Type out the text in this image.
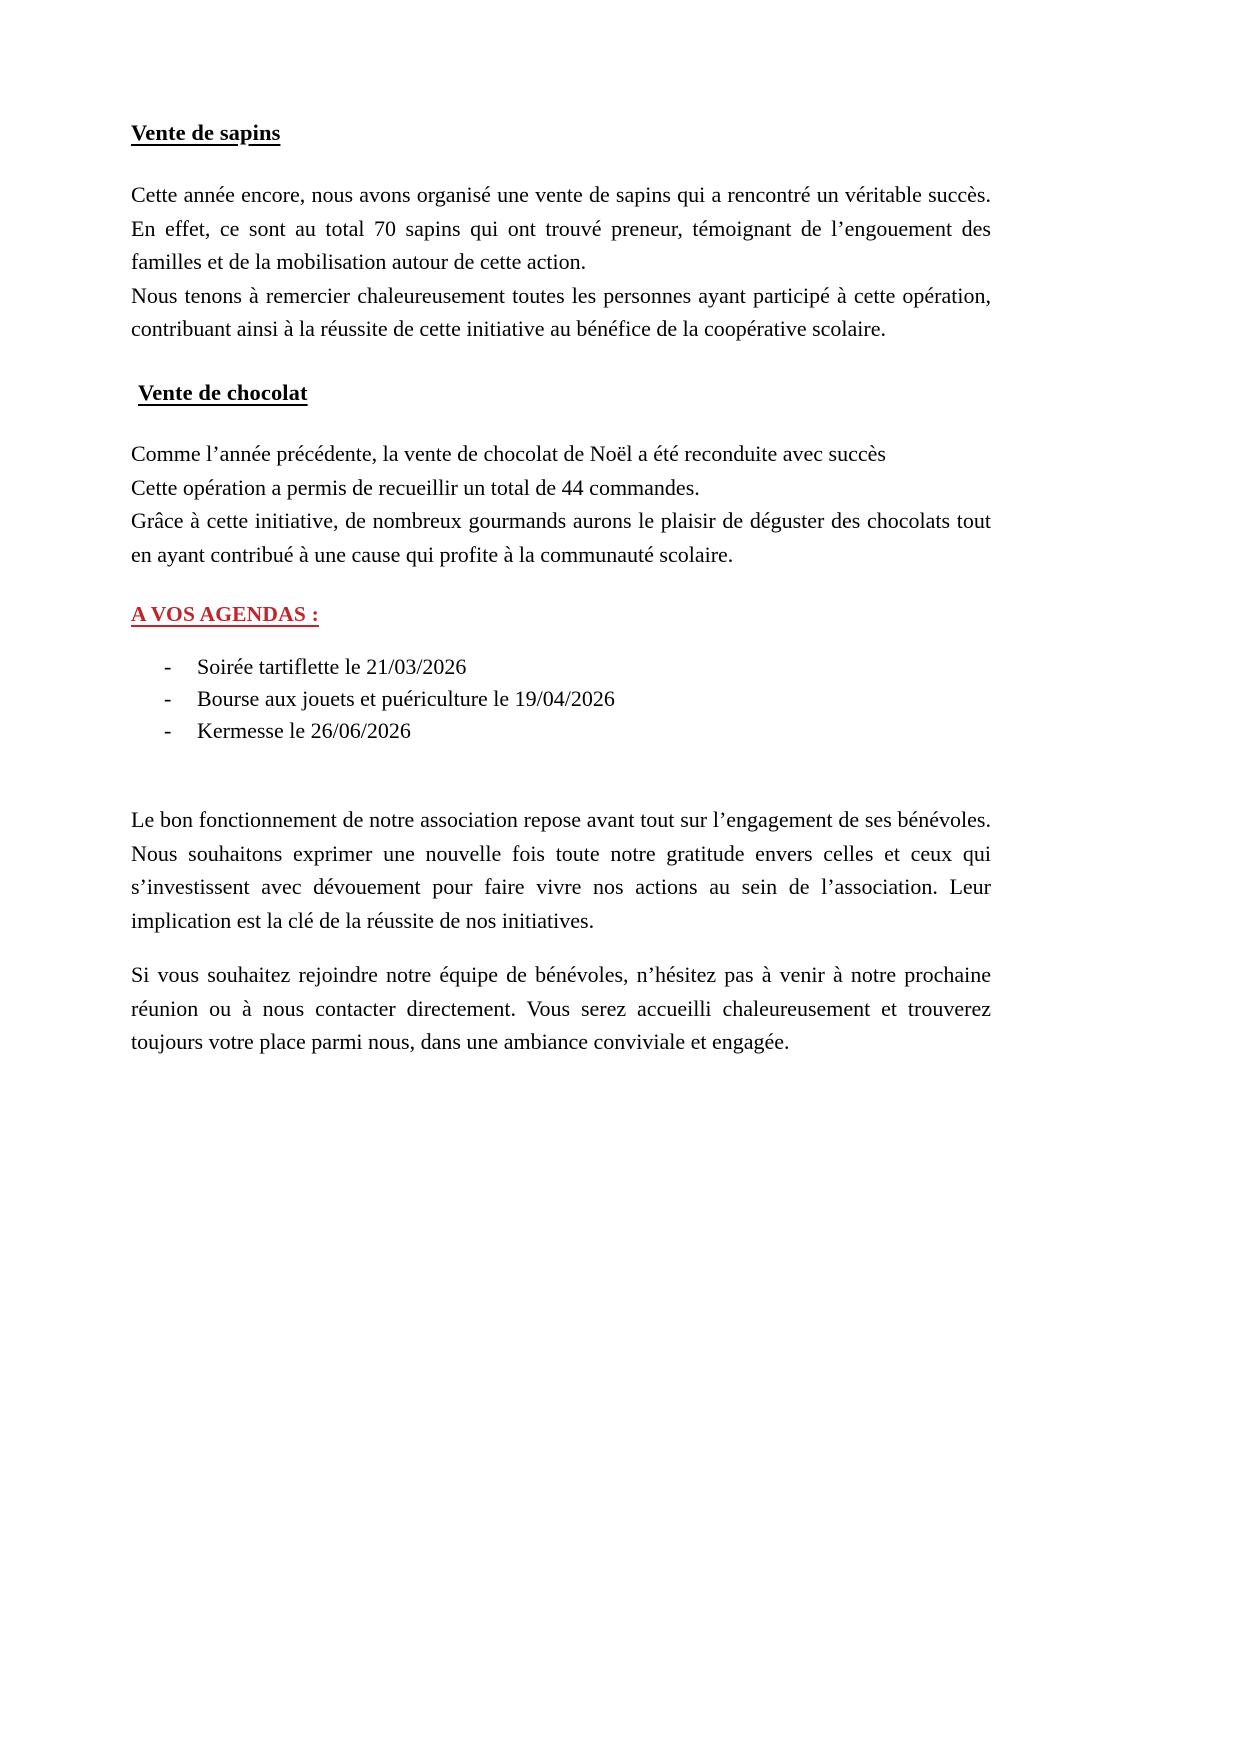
Vente de sapins

Cette année encore, nous avons organisé une vente de sapins qui a rencontré un véritable succès. En effet, ce sont au total 70 sapins qui ont trouvé preneur, témoignant de l’engouement des familles et de la mobilisation autour de cette action.

Nous tenons à remercier chaleureusement toutes les personnes ayant participé à cette opération, contribuant ainsi à la réussite de cette initiative au bénéfice de la coopérative scolaire.

Vente de chocolat

Comme l’année précédente, la vente de chocolat de Noël a été reconduite avec succès

Cette opération a permis de recueillir un total de 44 commandes.

Grâce à cette initiative, de nombreux gourmands aurons le plaisir de déguster des chocolats tout en ayant contribué à une cause qui profite à la communauté scolaire.

A VOS AGENDAS :
-	Soirée tartiflette le 21/03/2026
-	Bourse aux jouets et puériculture le 19/04/2026
-	Kermesse le 26/06/2026

Le bon fonctionnement de notre association repose avant tout sur l’engagement de ses bénévoles. Nous souhaitons exprimer une nouvelle fois toute notre gratitude envers celles et ceux qui s’investissent avec dévouement pour faire vivre nos actions au sein de l’association. Leur implication est la clé de la réussite de nos initiatives.

Si vous souhaitez rejoindre notre équipe de bénévoles, n’hésitez pas à venir à notre prochaine réunion ou à nous contacter directement. Vous serez accueilli chaleureusement et trouverez toujours votre place parmi nous, dans une ambiance conviviale et engagée.
